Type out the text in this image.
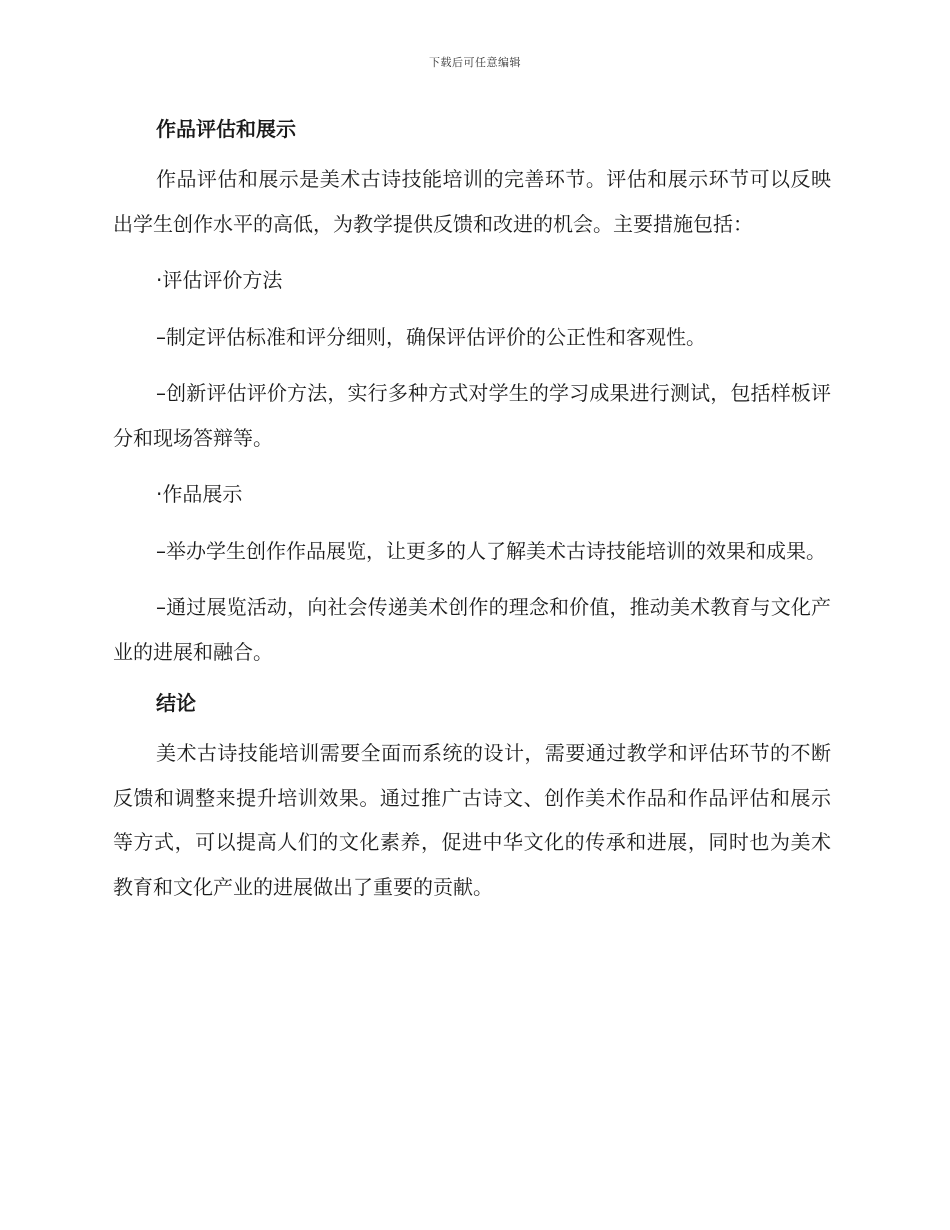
下载后可任意编辑
作品评估和展示

作品评估和展示是美术古诗技能培训的完善环节。评估和展示环节可以反映出学生创作水平的高低，为教学提供反馈和改进的机会。主要措施包括：

·评估评价方法

–制定评估标准和评分细则，确保评估评价的公正性和客观性。

–创新评估评价方法，实行多种方式对学生的学习成果进行测试，包括样板评分和现场答辩等。

·作品展示

–举办学生创作作品展览，让更多的人了解美术古诗技能培训的效果和成果。

–通过展览活动，向社会传递美术创作的理念和价值，推动美术教育与文化产业的进展和融合。

结论

美术古诗技能培训需要全面而系统的设计，需要通过教学和评估环节的不断反馈和调整来提升培训效果。通过推广古诗文、创作美术作品和作品评估和展示等方式，可以提高人们的文化素养，促进中华文化的传承和进展，同时也为美术教育和文化产业的进展做出了重要的贡献。
